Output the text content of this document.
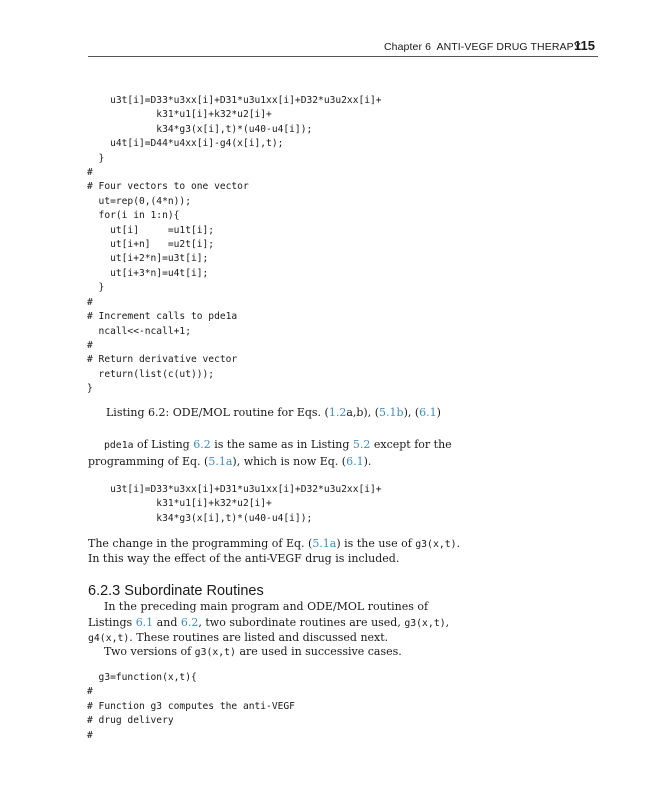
Chapter 6  ANTI-VEGF DRUG THERAPY
115
u3t[i]=D33*u3xx[i]+D31*u3u1xx[i]+D32*u3u2xx[i]+
k31*u1[i]+k32*u2[i]+
k34*g3(x[i],t)*(u40-u4[i]);
u4t[i]=D44*u4xx[i]-g4(x[i],t);
}
#
# Four vectors to one vector
ut=rep(0,(4*n));
for(i in 1:n){
ut[i]     =u1t[i];
ut[i+n]   =u2t[i];
ut[i+2*n]=u3t[i];
ut[i+3*n]=u4t[i];
}
#
# Increment calls to pde1a
ncall<<-ncall+1;
#
# Return derivative vector
return(list(c(ut)));
}
Listing 6.2: ODE/MOL routine for Eqs. (1.2a,b), (5.1b), (6.1)
pde1a of Listing 6.2 is the same as in Listing 5.2 except for the
programming of Eq. (5.1a), which is now Eq. (6.1).
u3t[i]=D33*u3xx[i]+D31*u3u1xx[i]+D32*u3u2xx[i]+
k31*u1[i]+k32*u2[i]+
k34*g3(x[i],t)*(u40-u4[i]);
The change in the programming of Eq. (5.1a) is the use of g3(x,t).
In this way the effect of the anti-VEGF drug is included.
6.2.3 Subordinate Routines
In the preceding main program and ODE/MOL routines of
Listings 6.1 and 6.2, two subordinate routines are used, g3(x,t),
g4(x,t). These routines are listed and discussed next.
Two versions of g3(x,t) are used in successive cases.
g3=function(x,t){
#
# Function g3 computes the anti-VEGF
# drug delivery
#
